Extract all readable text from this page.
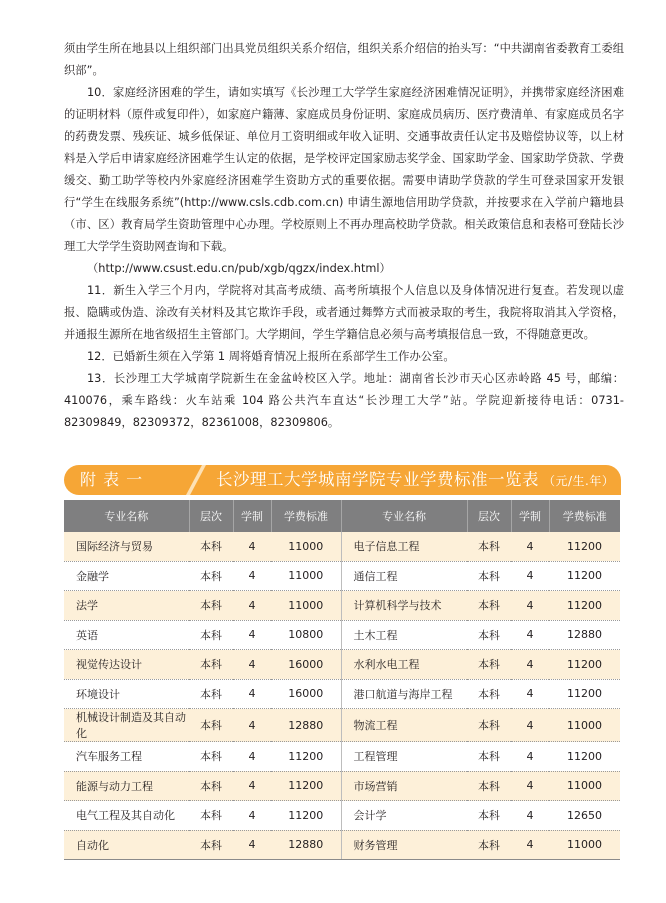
须由学生所在地县以上组织部门出具党员组织关系介绍信，组织关系介绍信的抬头写：“中共湖南省委教育工委组织部”。

10．家庭经济困难的学生，请如实填写《长沙理工大学学生家庭经济困难情况证明》，并携带家庭经济困难的证明材料（原件或复印件），如家庭户籍薄、家庭成员身份证明、家庭成员病历、医疗费清单、有家庭成员名字的药费发票、残疾证、城乡低保证、单位月工资明细或年收入证明、交通事故责任认定书及赔偿协议等，以上材料是入学后申请家庭经济困难学生认定的依据，是学校评定国家励志奖学金、国家助学金、国家助学贷款、学费缓交、勤工助学等校内外家庭经济困难学生资助方式的重要依据。需要申请助学贷款的学生可登录国家开发银行“学生在线服务系统”(http://www.csls.cdb.com.cn) 申请生源地信用助学贷款，并按要求在入学前户籍地县（市、区）教育局学生资助管理中心办理。学校原则上不再办理高校助学贷款。相关政策信息和表格可登陆长沙理工大学学生资助网查询和下载。

（http://www.csust.edu.cn/pub/xgb/qgzx/index.html）

11．新生入学三个月内，学院将对其高考成绩、高考所填报个人信息以及身体情况进行复查。若发现以虚报、隐瞒或伪造、涂改有关材料及其它欺诈手段，或者通过舞弊方式而被录取的考生，我院将取消其入学资格，并通报生源所在地省级招生主管部门。大学期间，学生学籍信息必须与高考填报信息一致，不得随意更改。

12．已婚新生须在入学第 1 周将婚育情况上报所在系部学生工作办公室。

13．长沙理工大学城南学院新生在金盆岭校区入学。地址：湖南省长沙市天心区赤岭路 45 号，邮编：410076，乘车路线：火车站乘 104 路公共汽车直达“长沙理工大学”站。学院迎新接待电话：0731-82309849，82309372，82361008，82309806。

附 表 一	长沙理工大学城南学院专业学费标准一览表 （元/生.年）
专业名称	层次	学制	学费标准	专业名称	层次	学制	学费标准
国际经济与贸易	本科	4	11000	电子信息工程	本科	4	11200
金融学	本科	4	11000	通信工程	本科	4	11200
法学	本科	4	11000	计算机科学与技术	本科	4	11200
英语	本科	4	10800	土木工程	本科	4	12880
视觉传达设计	本科	4	16000	水利水电工程	本科	4	11200
环境设计	本科	4	16000	港口航道与海岸工程	本科	4	11200
机械设计制造及其自动化	本科	4	12880	物流工程	本科	4	11000
汽车服务工程	本科	4	11200	工程管理	本科	4	11200
能源与动力工程	本科	4	11200	市场营销	本科	4	11000
电气工程及其自动化	本科	4	11200	会计学	本科	4	12650
自动化	本科	4	12880	财务管理	本科	4	11000
